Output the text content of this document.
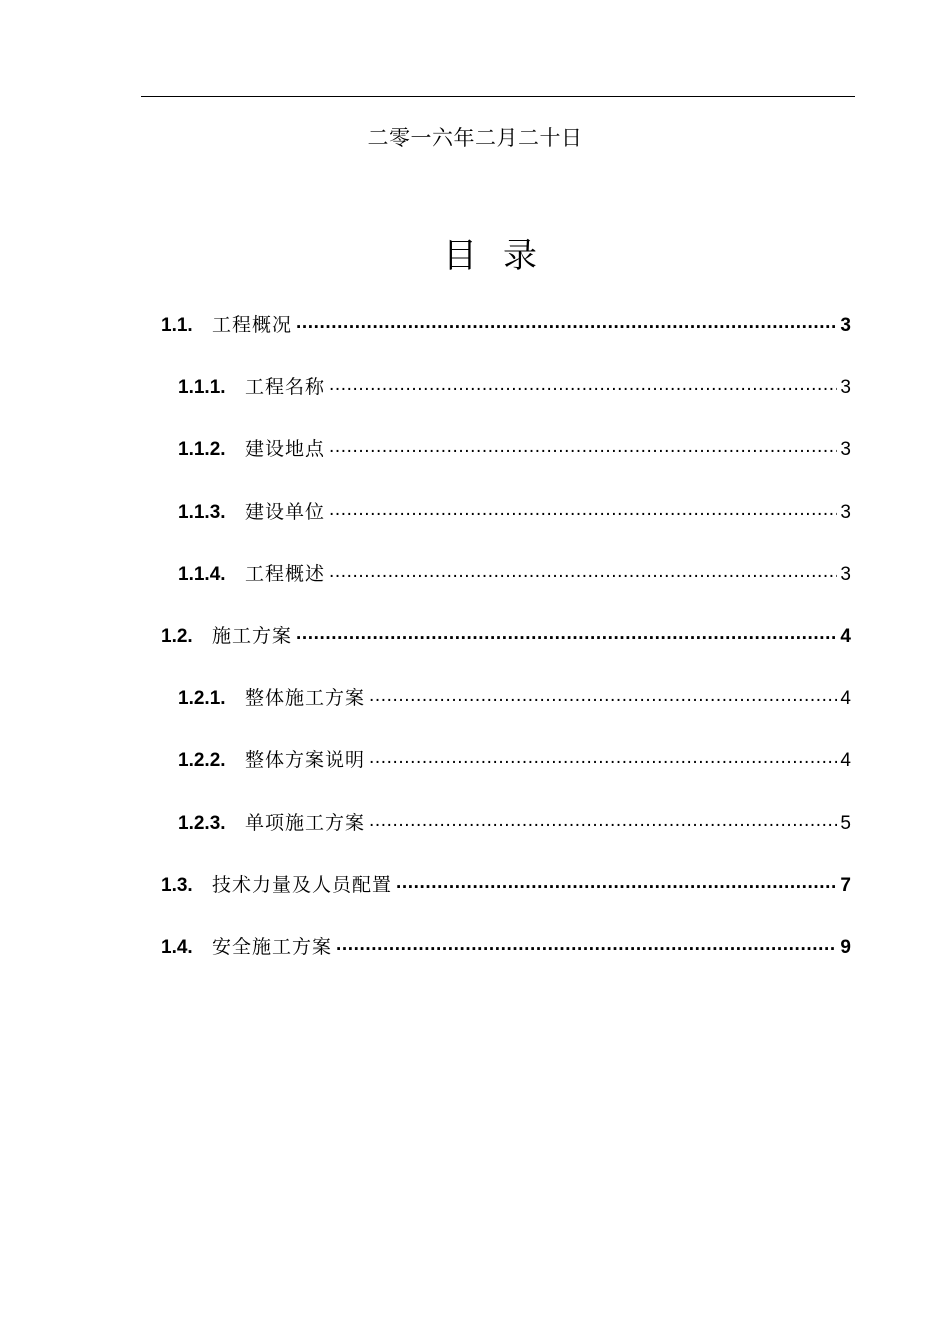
二零一六年二月二十日
目录
1.1.	工程概况 .....	3
1.1.1.	工程名称 .....	3
1.1.2.	建设地点 .....	3
1.1.3.	建设单位 .....	3
1.1.4.	工程概述 .....	3
1.2.	施工方案 .....	4
1.2.1.	整体施工方案 .....	4
1.2.2.	整体方案说明 .....	4
1.2.3.	单项施工方案 .....	5
1.3.	技术力量及人员配置 .....	7
1.4.	安全施工方案 .....	9
